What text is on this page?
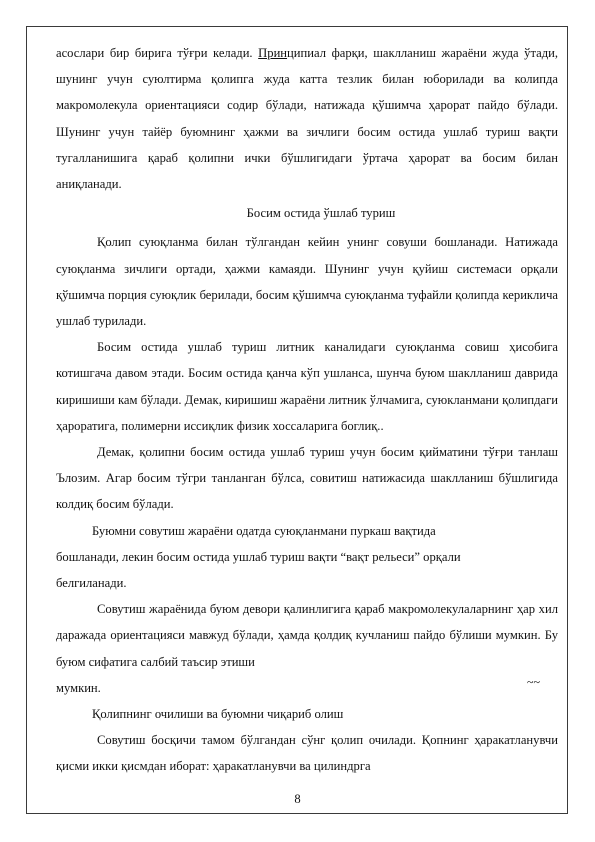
асослари бир бирига тўғри келади. Принципиал фарқи, шаклланиш жараёни жуда ўтади, шунинг учун суюлтирма қолипга жуда катта тезлик билан юборилади ва колипда макромолекула ориентацияси содир бўлади, натижада қўшимча ҳарорат пайдо бўлади. Шунинг учун тайёр буюмнинг ҳажми ва зичлиги босим остида ушлаб туриш вақти тугалланишига қараб қолипни ички бўшлигидаги ўртача ҳарорат ва босим билан аниқланади.

Босим остида ўшлаб туриш

Қолип суюқланма билан тўлгандан кейин унинг совуши бошланади. Натижада суюқланма зичлиги ортади, ҳажми камаяди. Шунинг учун қуйиш системаси орқали қўшимча порция суюқлик берилади, босим қўшимча суюқланма туфайли қолипда кериклича ушлаб турилади.

Босим остида ушлаб туриш литник каналидаги суюқланма совиш ҳисобига котишгача давом этади. Босим остида қанча кўп ушланса, шунча буюм шаклланиш даврида киришиши кам бўлади. Демак, киришиш жараёни литник ўлчамига, суюкланмани қолипдаги ҳароратига, полимерни иссиқлик физик хоссаларига боглиқ..

Демак, қолипни босим остида ушлаб туриш учун босим қийматини тўғри танлаш Ълозим. Агар босим тўгри танланган бўлса, совитиш натижасида шаклланиш бўшлигида колдиқ босим бўлади.

Буюмни совутиш жараёни одатда суюқланмани пуркаш вақтида

бошланади, лекин босим остида ушлаб туриш вақти “вақт рельеси” орқали

белгиланади.

Совутиш жараёнида буюм девори қалинлигига қараб макромолекулаларнинг ҳар хил даражада ориентацияси мавжуд бўлади, ҳамда қолдиқ кучланиш пайдо бўлиши мумкин. Бу буюм сифатига салбий таъсир этиши

мумкин.	~~

Қолипнинг очилиши ва буюмни чиқариб олиш

Совутиш босқичи тамом бўлгандан сўнг қолип очилади. Қопнинг ҳаракатланувчи қисми икки қисмдан иборат: ҳаракатланувчи ва цилиндрга

8
